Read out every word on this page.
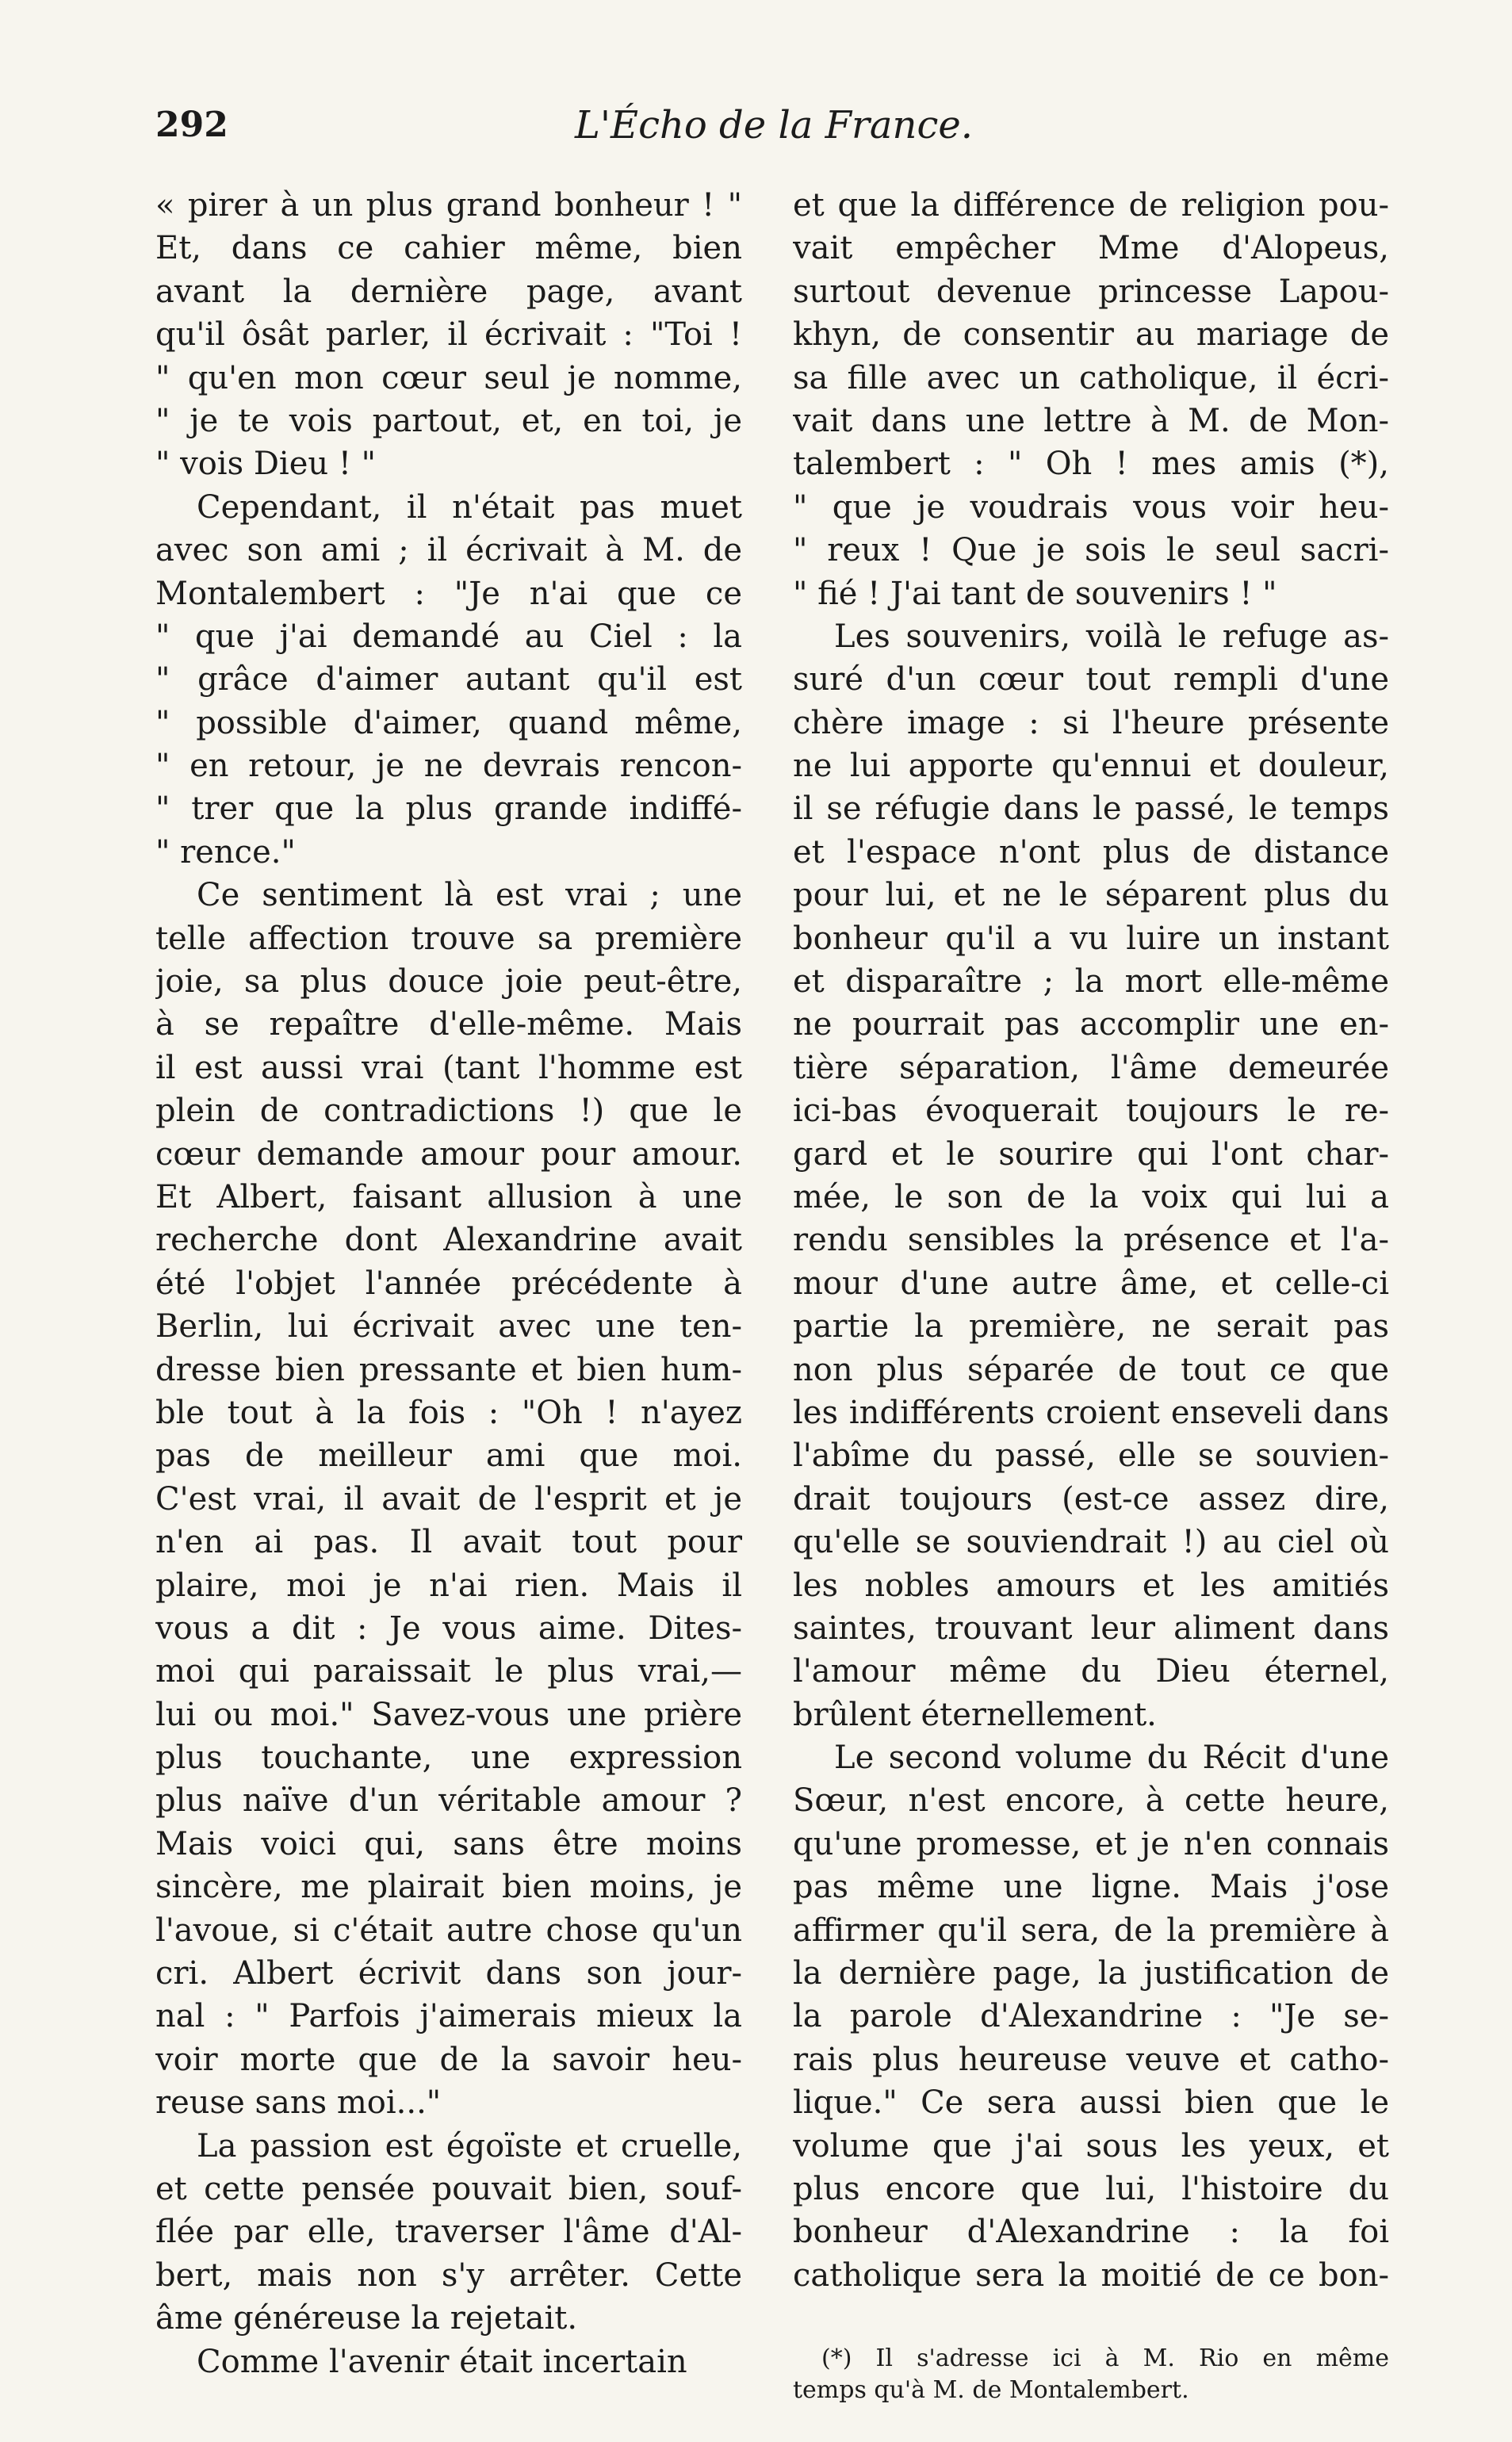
292	L'Écho de la France.
« pirer à un plus grand bonheur ! "
Et, dans ce cahier même, bien
avant la dernière page, avant
qu'il ôsât parler, il écrivait : "Toi !
" qu'en mon cœur seul je nomme,
" je te vois partout, et, en toi, je
" vois Dieu ! "
Cependant, il n'était pas muet
avec son ami ; il écrivait à M. de
Montalembert : "Je n'ai que ce
" que j'ai demandé au Ciel : la
" grâce d'aimer autant qu'il est
" possible d'aimer, quand même,
" en retour, je ne devrais rencon-
" trer que la plus grande indiffé-
" rence."
Ce sentiment là est vrai ; une
telle affection trouve sa première
joie, sa plus douce joie peut-être,
à se repaître d'elle-même. Mais
il est aussi vrai (tant l'homme est
plein de contradictions !) que le
cœur demande amour pour amour.
Et Albert, faisant allusion à une
recherche dont Alexandrine avait
été l'objet l'année précédente à
Berlin, lui écrivait avec une ten-
dresse bien pressante et bien hum-
ble tout à la fois : "Oh ! n'ayez
pas de meilleur ami que moi.
C'est vrai, il avait de l'esprit et je
n'en ai pas. Il avait tout pour
plaire, moi je n'ai rien. Mais il
vous a dit : Je vous aime. Dites-
moi qui paraissait le plus vrai,—
lui ou moi." Savez-vous une prière
plus touchante, une expression
plus naïve d'un véritable amour ?
Mais voici qui, sans être moins
sincère, me plairait bien moins, je
l'avoue, si c'était autre chose qu'un
cri. Albert écrivit dans son jour-
nal : " Parfois j'aimerais mieux la
voir morte que de la savoir heu-
reuse sans moi..."
La passion est égoïste et cruelle,
et cette pensée pouvait bien, souf-
flée par elle, traverser l'âme d'Al-
bert, mais non s'y arrêter. Cette
âme généreuse la rejetait.
Comme l'avenir était incertain
et que la différence de religion pou-
vait empêcher Mme d'Alopeus,
surtout devenue princesse Lapou-
khyn, de consentir au mariage de
sa fille avec un catholique, il écri-
vait dans une lettre à M. de Mon-
talembert : " Oh ! mes amis (*),
" que je voudrais vous voir heu-
" reux ! Que je sois le seul sacri-
" fié ! J'ai tant de souvenirs ! "
Les souvenirs, voilà le refuge as-
suré d'un cœur tout rempli d'une
chère image : si l'heure présente
ne lui apporte qu'ennui et douleur,
il se réfugie dans le passé, le temps
et l'espace n'ont plus de distance
pour lui, et ne le séparent plus du
bonheur qu'il a vu luire un instant
et disparaître ; la mort elle-même
ne pourrait pas accomplir une en-
tière séparation, l'âme demeurée
ici-bas évoquerait toujours le re-
gard et le sourire qui l'ont char-
mée, le son de la voix qui lui a
rendu sensibles la présence et l'a-
mour d'une autre âme, et celle-ci
partie la première, ne serait pas
non plus séparée de tout ce que
les indifférents croient enseveli dans
l'abîme du passé, elle se souvien-
drait toujours (est-ce assez dire,
qu'elle se souviendrait !) au ciel où
les nobles amours et les amitiés
saintes, trouvant leur aliment dans
l'amour même du Dieu éternel,
brûlent éternellement.
Le second volume du Récit d'une
Sœur, n'est encore, à cette heure,
qu'une promesse, et je n'en connais
pas même une ligne. Mais j'ose
affirmer qu'il sera, de la première à
la dernière page, la justification de
la parole d'Alexandrine : "Je se-
rais plus heureuse veuve et catho-
lique." Ce sera aussi bien que le
volume que j'ai sous les yeux, et
plus encore que lui, l'histoire du
bonheur d'Alexandrine : la foi
catholique sera la moitié de ce bon-
(*) Il s'adresse ici à M. Rio en même
temps qu'à M. de Montalembert.
